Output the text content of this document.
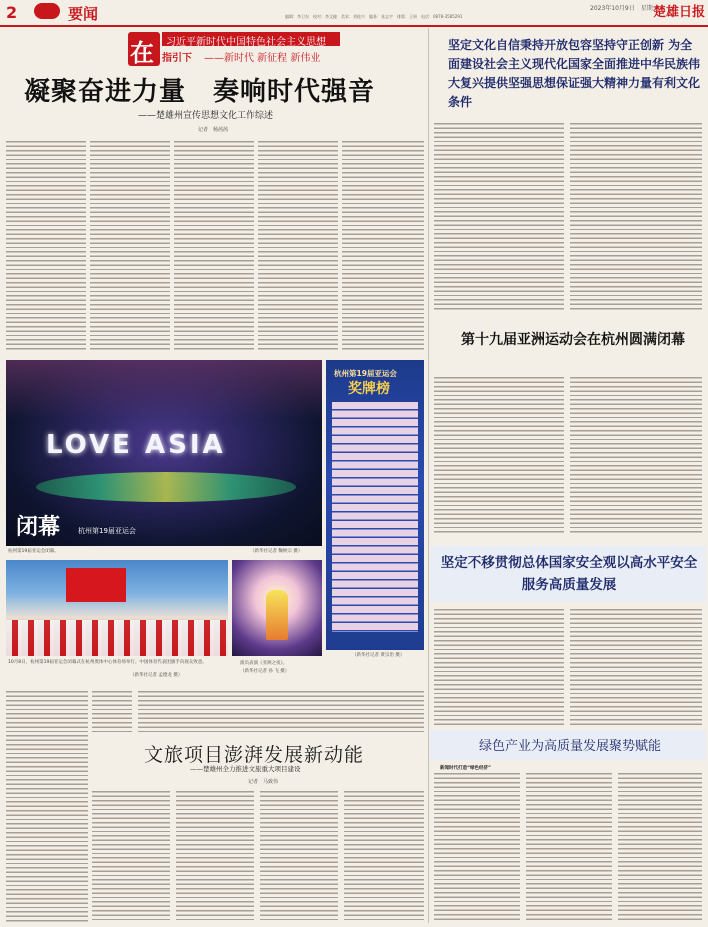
2	要闻	编辑：李卫东　校对：李文捷　美术：刘桂兴　编务：张志宇　排版：王妍　电话：0878-3585291
2023年10月9日　星期一
楚雄日报
在 习近平新时代中国特色社会主义思想
指引下 ——新时代 新征程 新伟业
凝聚奋进力量　奏响时代强音
——楚雄州宣传思想文化工作综述
记者　杨茜茜
LOVE ASIA
闭幕	杭州第19届亚运会
杭州第19届亚运会闭幕。	（新华社记者 鞠焕宗 摄）
杭州第19届亚运会
奖牌榜
（新华社记者 黄宗治 摄）
10月8日，杭州第19届亚运会闭幕式在杭州奥体中心体育场举行。中国体育代表团旗手向观众致意。
（新华社记者 孟德龙 摄）
演员表演《亚洲之夜》。
（新华社记者 孙 飞 摄）
文旅项目澎湃发展新动能
——楚雄州全力推进文旅重大项目建设
记者　马致伟
坚定文化自信秉持开放包容坚持守正创新 为全面建设社会主义现代化国家全面推进中华民族伟大复兴提供坚强思想保证强大精神力量有利文化条件
第十九届亚洲运动会在杭州圆满闭幕
坚定不移贯彻总体国家安全观以高水平安全服务高质量发展
绿色产业为高质量发展聚势赋能
新闻时代打造“绿色经济”
